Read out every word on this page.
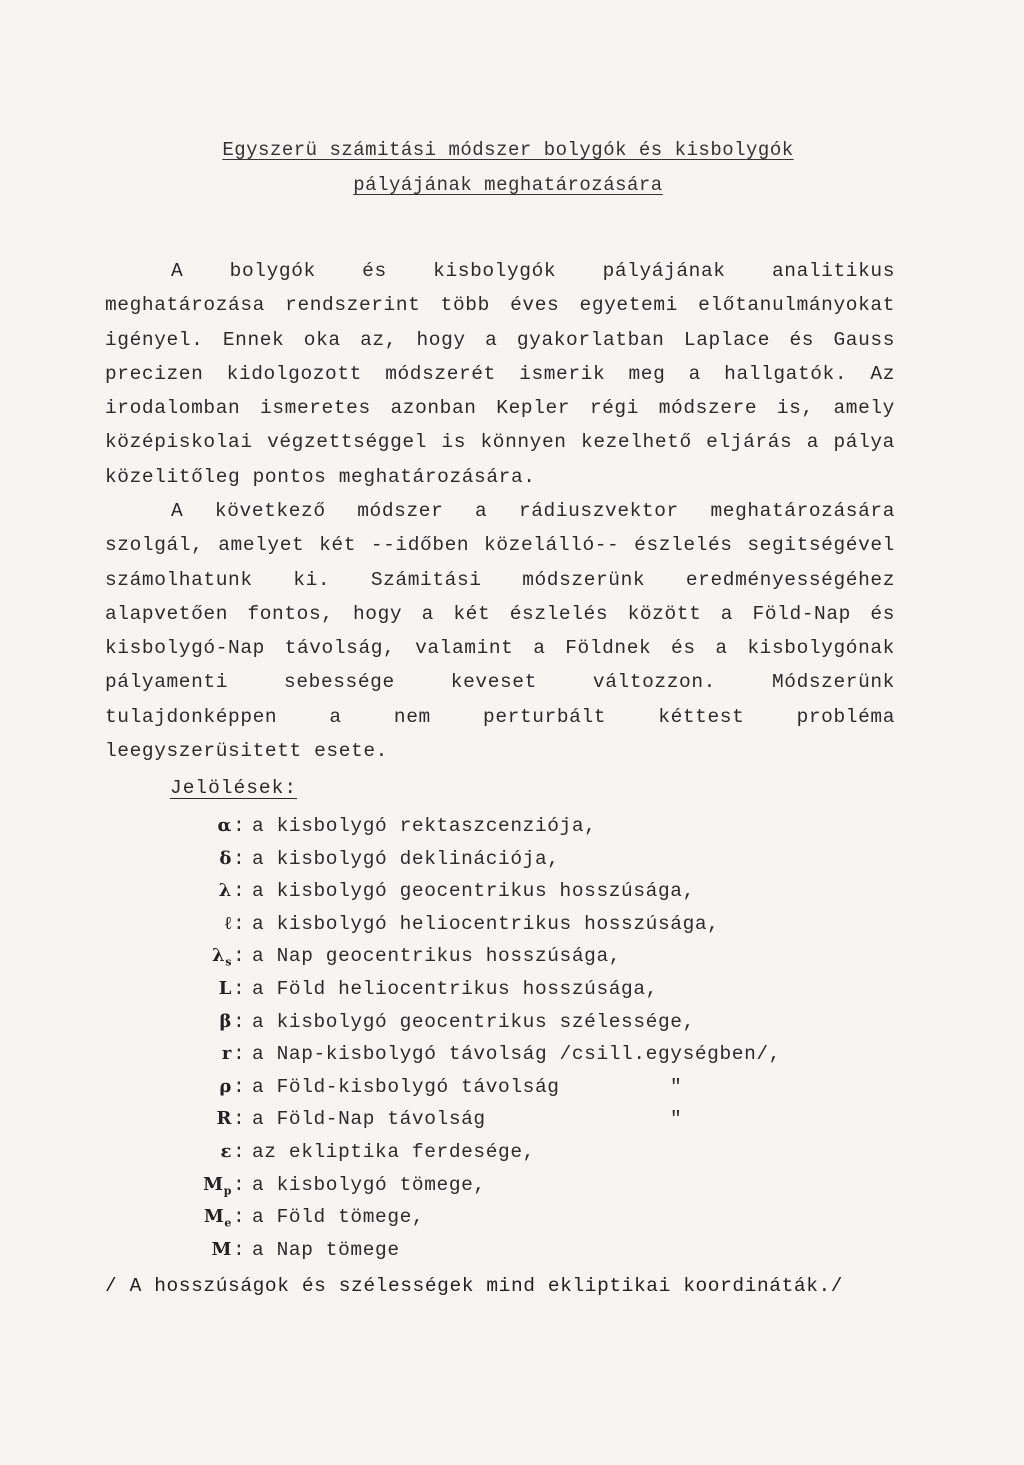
Egyszerü számitási módszer bolygók és kisbolygók
pályájának meghatározására

A bolygók és kisbolygók pályájának analitikus meghatározása rendszerint több éves egyetemi előtanulmányokat igényel. Ennek oka az, hogy a gyakorlatban Laplace és Gauss precizen kidolgozott módszerét ismerik meg a hallgatók. Az irodalomban ismeretes azonban Kepler régi módszere is, amely középiskolai végzettséggel is könnyen kezelhető eljárás a pálya közelitőleg pontos meghatározására.

A következő módszer a rádiuszvektor meghatározására szolgál, amelyet két --időben közelálló-- észlelés segitségével számolhatunk ki. Számitási módszerünk eredményességéhez alapvetően fontos, hogy a két észlelés között a Föld-Nap és kisbolygó-Nap távolság, valamint a Földnek és a kisbolygónak pályamenti sebessége keveset változzon. Módszerünk tulajdonképpen a nem perturbált kéttest probléma leegyszerüsitett esete.

Jelölések:
α : a kisbolygó rektaszcenziója,
δ : a kisbolygó deklinációja,
λ : a kisbolygó geocentrikus hosszúsága,
ℓ : a kisbolygó heliocentrikus hosszúsága,
$\lambda_s$ : a Nap geocentrikus hosszúsága,
L : a Föld heliocentrikus hosszúsága,
β : a kisbolygó geocentrikus szélessége,
r : a Nap-kisbolygó távolság /csill.egységben/,
ρ : a Föld-kisbolygó távolság	"
R : a Föld-Nap távolság	"
ε : az ekliptika ferdesége,
$M_p$ : a kisbolygó tömege,
$M_e$ : a Föld tömege,
M : a Nap tömege
/ A hosszúságok és szélességek mind ekliptikai koordináták./
